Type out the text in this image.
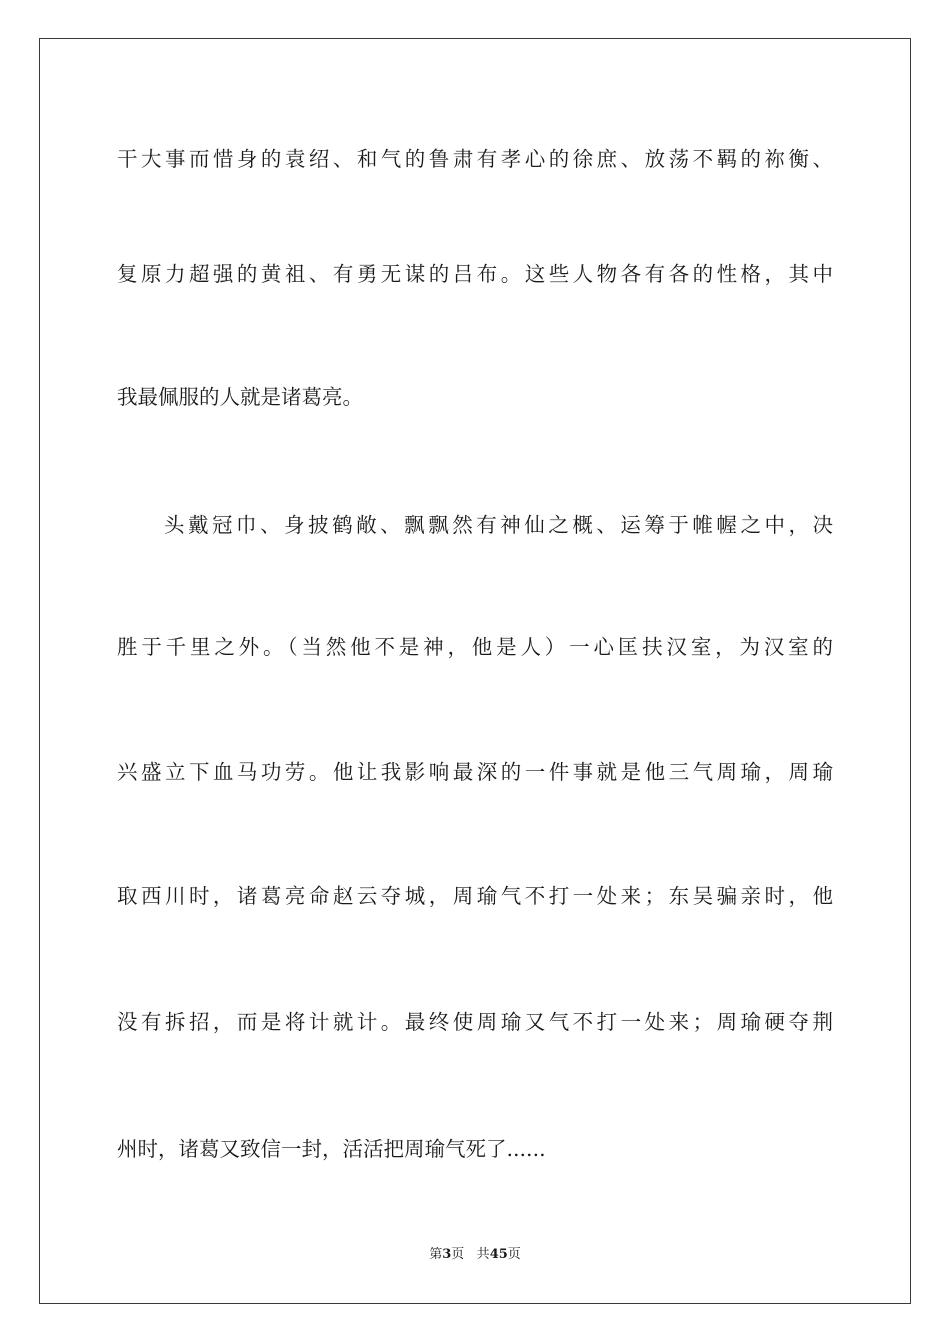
干大事而惜身的袁绍、和气的鲁肃有孝心的徐庶、放荡不羁的祢衡、
复原力超强的黄祖、有勇无谋的吕布。这些人物各有各的性格，其中
我最佩服的人就是诸葛亮。
头戴冠巾、身披鹤敞、飘飘然有神仙之概、运筹于帷幄之中，决
胜于千里之外。（当然他不是神，他是人）一心匡扶汉室，为汉室的
兴盛立下血马功劳。他让我影响最深的一件事就是他三气周瑜，周瑜
取西川时，诸葛亮命赵云夺城，周瑜气不打一处来；东吴骗亲时，他
没有拆招，而是将计就计。最终使周瑜又气不打一处来；周瑜硬夺荆
州时，诸葛又致信一封，活活把周瑜气死了......
第3页 共45页
